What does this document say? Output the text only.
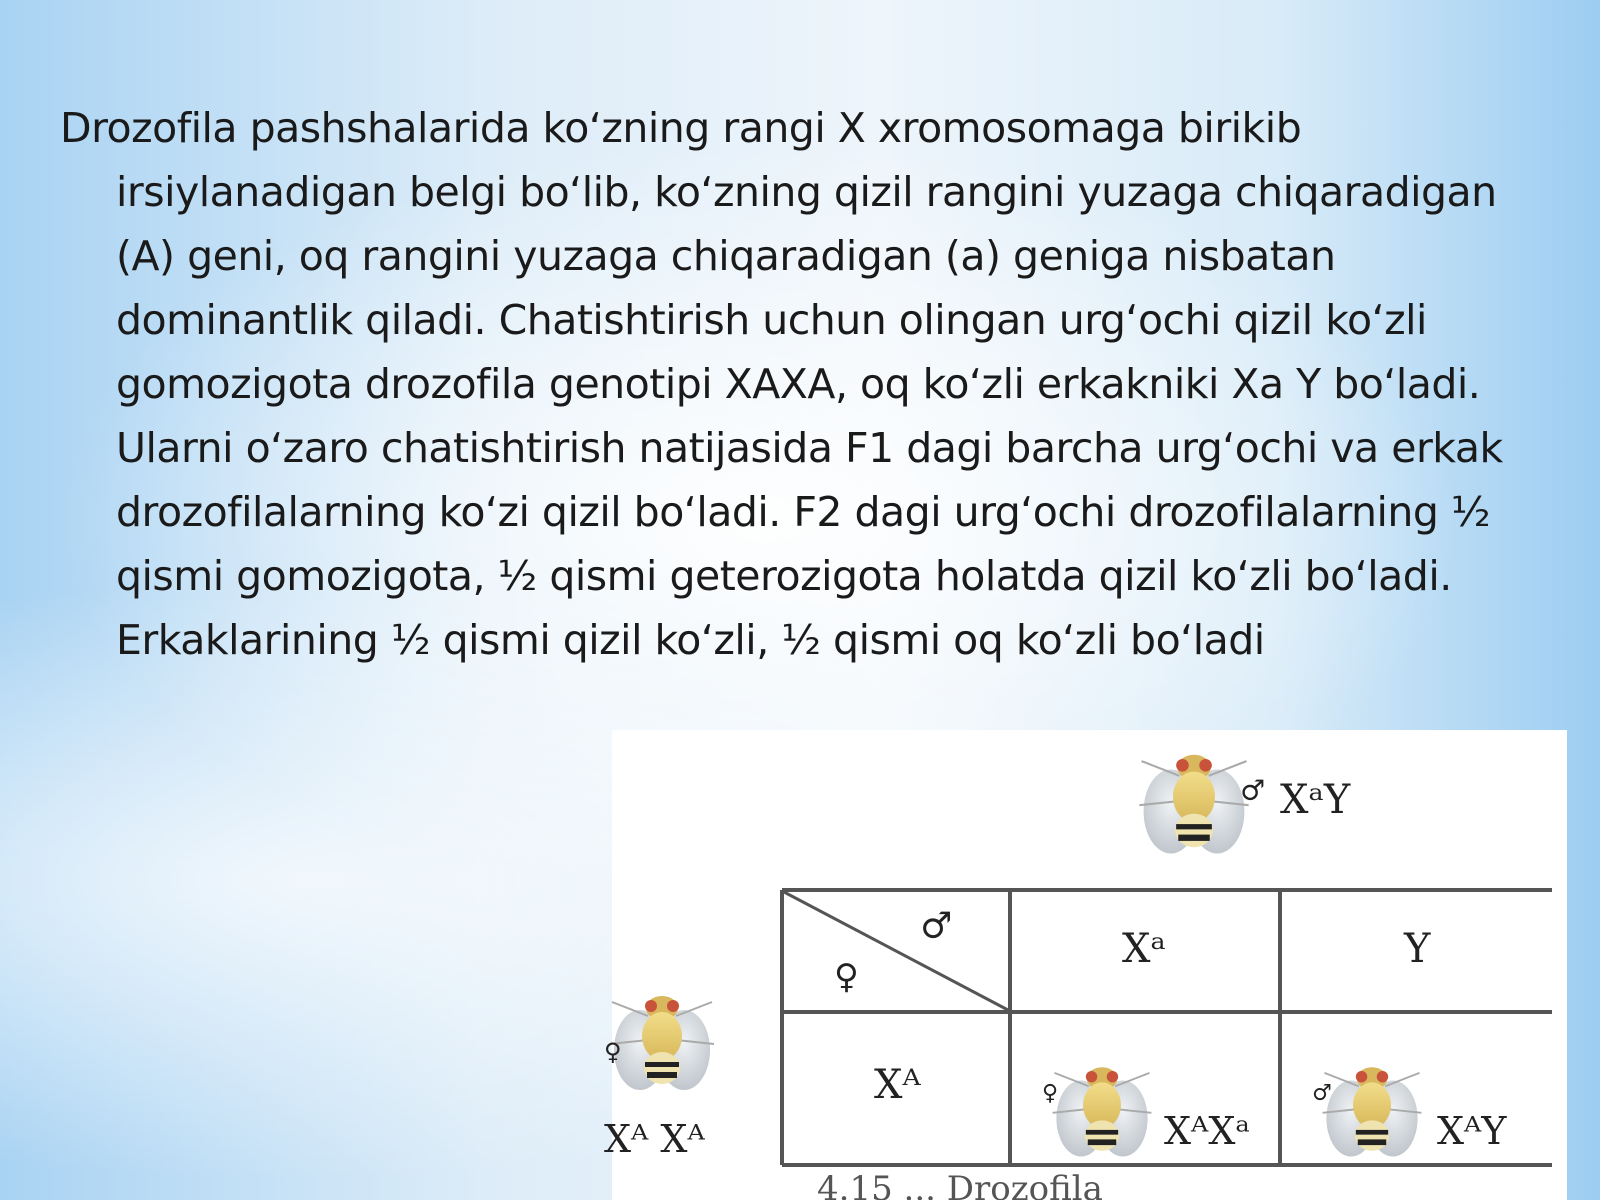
Drozofila pashshalarida koʻzning rangi X xromosomaga birikib irsiylanadigan belgi boʻlib, koʻzning qizil rangini yuzaga chiqaradigan (A) geni, oq rangini yuzaga chiqaradigan (a) geniga nisbatan dominantlik qiladi. Chatishtirish uchun olingan urgʻochi qizil koʻzli gomozigota drozofila genotipi XAXA, oq koʻzli erkakniki Xa Y boʻladi. Ularni oʻzaro chatishtirish natijasida F1 dagi barcha urgʻochi va erkak drozofilalarning koʻzi qizil boʻladi. F2 dagi urgʻochi drozofilalarning ½ qismi gomozigota, ½ qismi geterozigota holatda qizil koʻzli boʻladi. Erkaklarining ½ qismi qizil koʻzli, ½ qismi oq koʻzli boʻladi
♂ XᵃY
♀
Xᴬ Xᴬ
♂
♀
Xᵃ	Y
Xᴬ	♀
XᴬXᵃ
♂
XᴬY
4.15 ... Drozofila
